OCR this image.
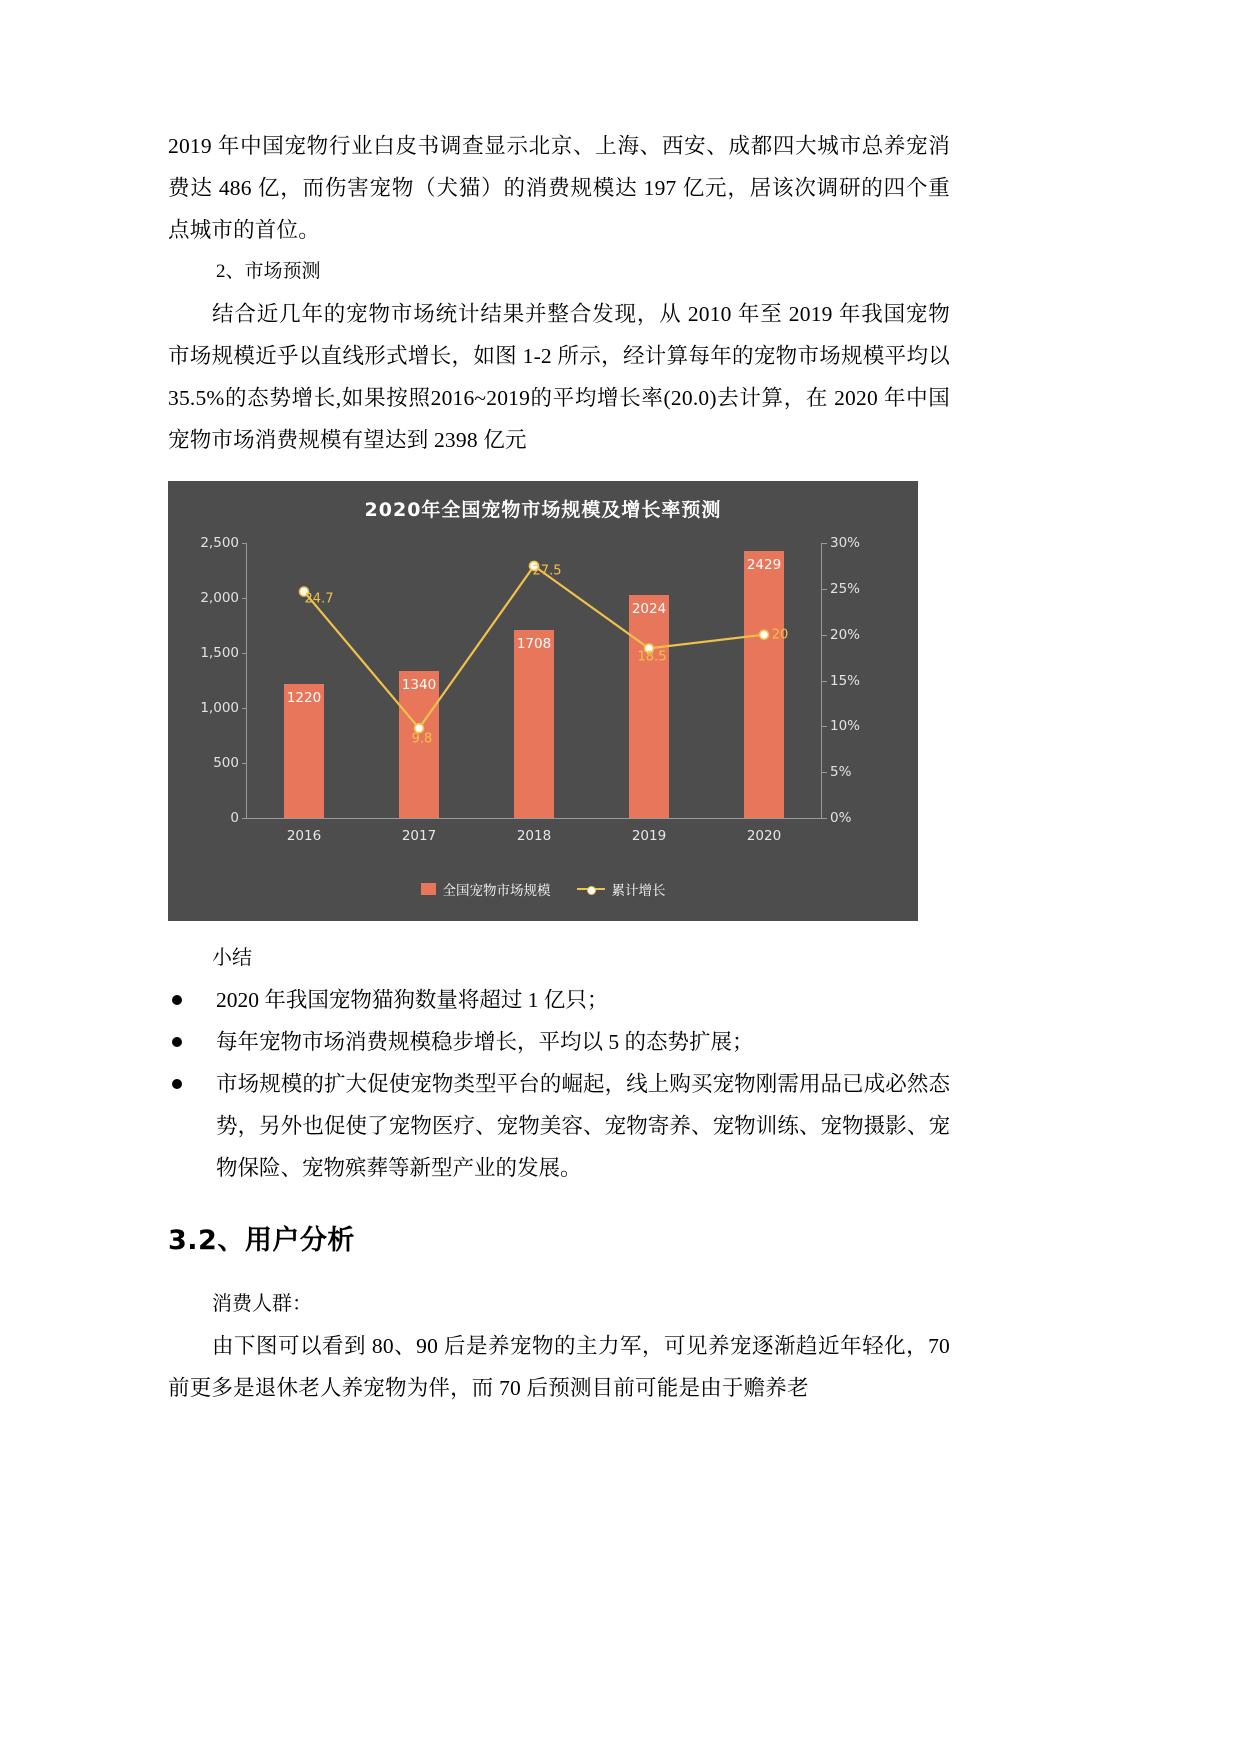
2019 年中国宠物行业白皮书调查显示北京、上海、西安、成都四大城市总养宠消费达 486 亿，而伤害宠物（犬猫）的消费规模达 197 亿元，居该次调研的四个重点城市的首位。

2、市场预测

结合近几年的宠物市场统计结果并整合发现，从 2010 年至 2019 年我国宠物市场规模近乎以直线形式增长，如图 1-2 所示，经计算每年的宠物市场规模平均以 35.5%的态势增长,如果按照2016~2019的平均增长率(20.0)去计算，在 2020 年中国宠物市场消费规模有望达到 2398 亿元

2020年全国宠物市场规模及增长率预测
0
500
1,000
1,500
2,000
2,500
0%
5%
10%
15%
20%
25%
30%
1220
1340
1708
2024
2429
24.7
9.8
27.5
18.5
20
2016	2017	2018	2019	2020
全国宠物市场规模	累计增长

小结

2020 年我国宠物猫狗数量将超过 1 亿只；
每年宠物市场消费规模稳步增长，平均以 5 的态势扩展；
市场规模的扩大促使宠物类型平台的崛起，线上购买宠物刚需用品已成必然态势，另外也促使了宠物医疗、宠物美容、宠物寄养、宠物训练、宠物摄影、宠物保险、宠物殡葬等新型产业的发展。
3.2、用户分析

消费人群：

由下图可以看到 80、90 后是养宠物的主力军，可见养宠逐渐趋近年轻化，70 前更多是退休老人养宠物为伴，而 70 后预测目前可能是由于赡养老
